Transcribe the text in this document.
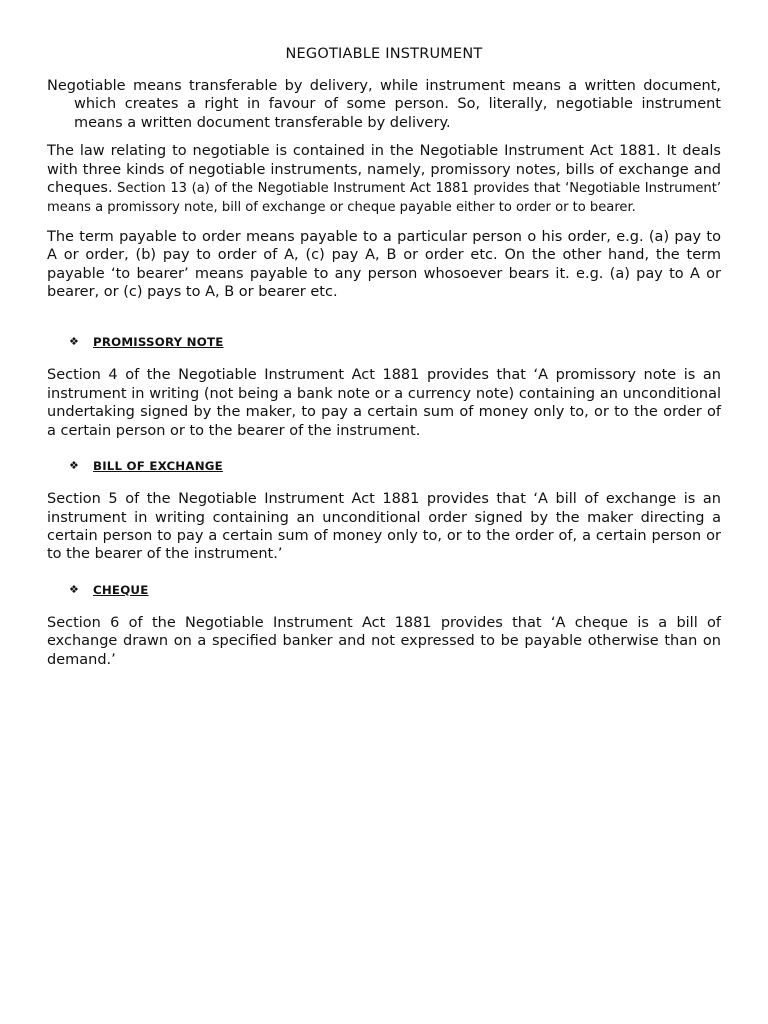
NEGOTIABLE INSTRUMENT

Negotiable means transferable by delivery, while instrument means a written document, which creates a right in favour of some person. So, literally, negotiable instrument means a written document transferable by delivery.

The law relating to negotiable is contained in the Negotiable Instrument Act 1881. It deals with three kinds of negotiable instruments, namely, promissory notes, bills of exchange and cheques. Section 13 (a) of the Negotiable Instrument Act 1881 provides that ‘Negotiable Instrument’ means a promissory note, bill of exchange or cheque payable either to order or to bearer.

The term payable to order means payable to a particular person o his order, e.g. (a) pay to A or order, (b) pay to order of A, (c) pay A, B or order etc. On the other hand, the term payable ‘to bearer’ means payable to any person whosoever bears it. e.g. (a) pay to A or bearer, or (c) pays to A, B or bearer etc.

❖	PROMISSORY NOTE

Section 4 of the Negotiable Instrument Act 1881 provides that ‘A promissory note is an instrument in writing (not being a bank note or a currency note) containing an unconditional undertaking signed by the maker, to pay a certain sum of money only to, or to the order of a certain person or to the bearer of the instrument.

❖	BILL OF EXCHANGE

Section 5 of the Negotiable Instrument Act 1881 provides that ‘A bill of exchange is an instrument in writing containing an unconditional order signed by the maker directing a certain person to pay a certain sum of money only to, or to the order of, a certain person or to the bearer of the instrument.’

❖	CHEQUE

Section 6 of the Negotiable Instrument Act 1881 provides that ‘A cheque is a bill of exchange drawn on a specified banker and not expressed to be payable otherwise than on demand.’
